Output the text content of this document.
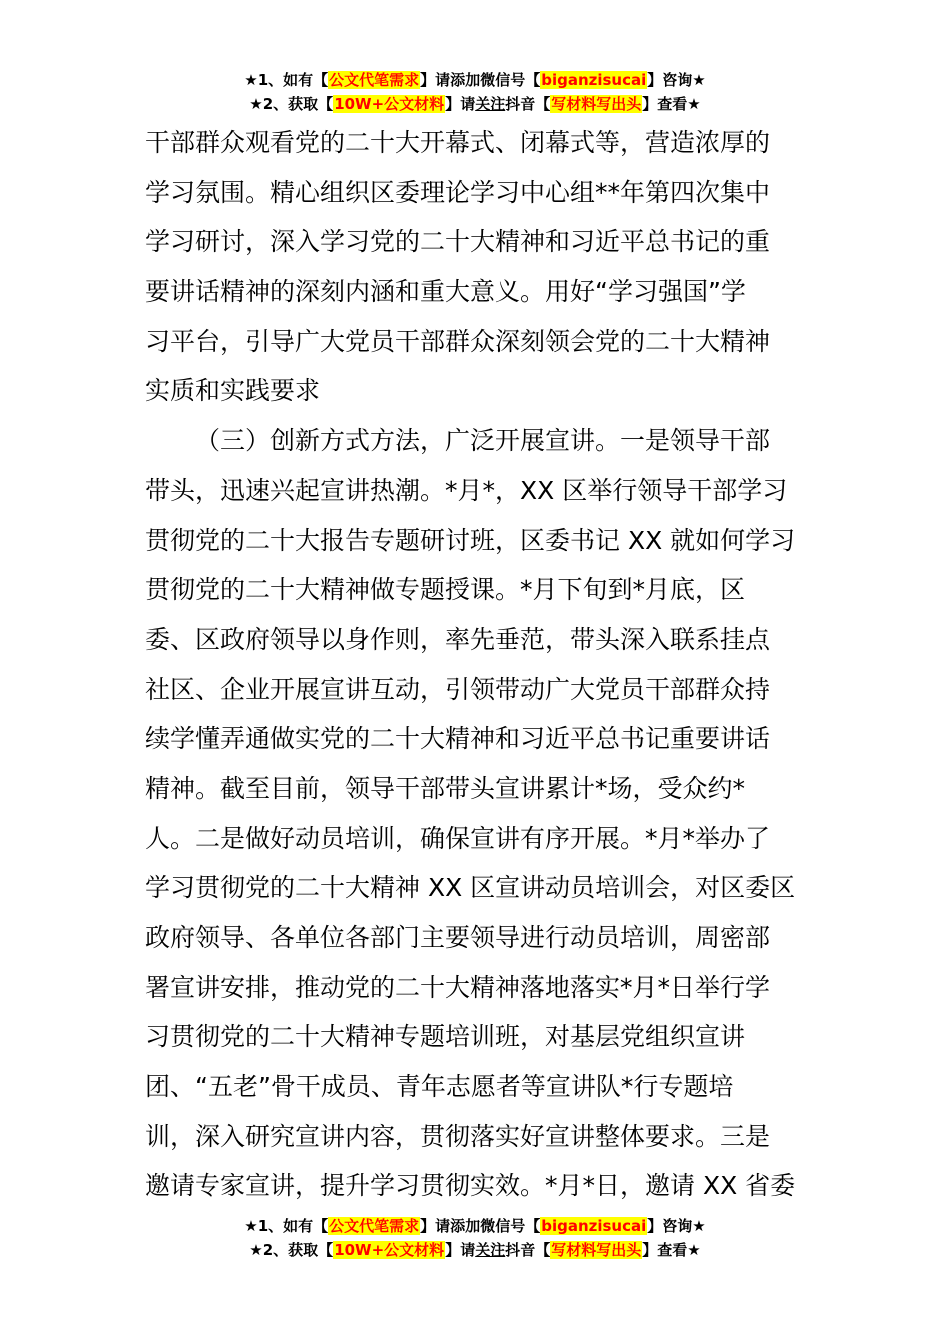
★1、如有【公文代笔需求】请添加微信号【biganzisucai】咨询★
★2、获取【10W+公文材料】请关注抖音【写材料写出头】查看★
干部群众观看党的二十大开幕式、闭幕式等，营造浓厚的
学习氛围。精心组织区委理论学习中心组**年第四次集中
学习研讨，深入学习党的二十大精神和习近平总书记的重
要讲话精神的深刻内涵和重大意义。用好“学习强国”学
习平台，引导广大党员干部群众深刻领会党的二十大精神
实质和实践要求
（三）创新方式方法，广泛开展宣讲。一是领导干部
带头，迅速兴起宣讲热潮。*月*，XX 区举行领导干部学习
贯彻党的二十大报告专题研讨班，区委书记 XX 就如何学习
贯彻党的二十大精神做专题授课。*月下旬到*月底，区
委、区政府领导以身作则，率先垂范，带头深入联系挂点
社区、企业开展宣讲互动，引领带动广大党员干部群众持
续学懂弄通做实党的二十大精神和习近平总书记重要讲话
精神。截至目前，领导干部带头宣讲累计*场，受众约*
人。二是做好动员培训，确保宣讲有序开展。*月*举办了
学习贯彻党的二十大精神 XX 区宣讲动员培训会，对区委区
政府领导、各单位各部门主要领导进行动员培训，周密部
署宣讲安排，推动党的二十大精神落地落实*月*日举行学
习贯彻党的二十大精神专题培训班，对基层党组织宣讲
团、“五老”骨干成员、青年志愿者等宣讲队*行专题培
训，深入研究宣讲内容，贯彻落实好宣讲整体要求。三是
邀请专家宣讲，提升学习贯彻实效。*月*日，邀请 XX 省委
★1、如有【公文代笔需求】请添加微信号【biganzisucai】咨询★
★2、获取【10W+公文材料】请关注抖音【写材料写出头】查看★
